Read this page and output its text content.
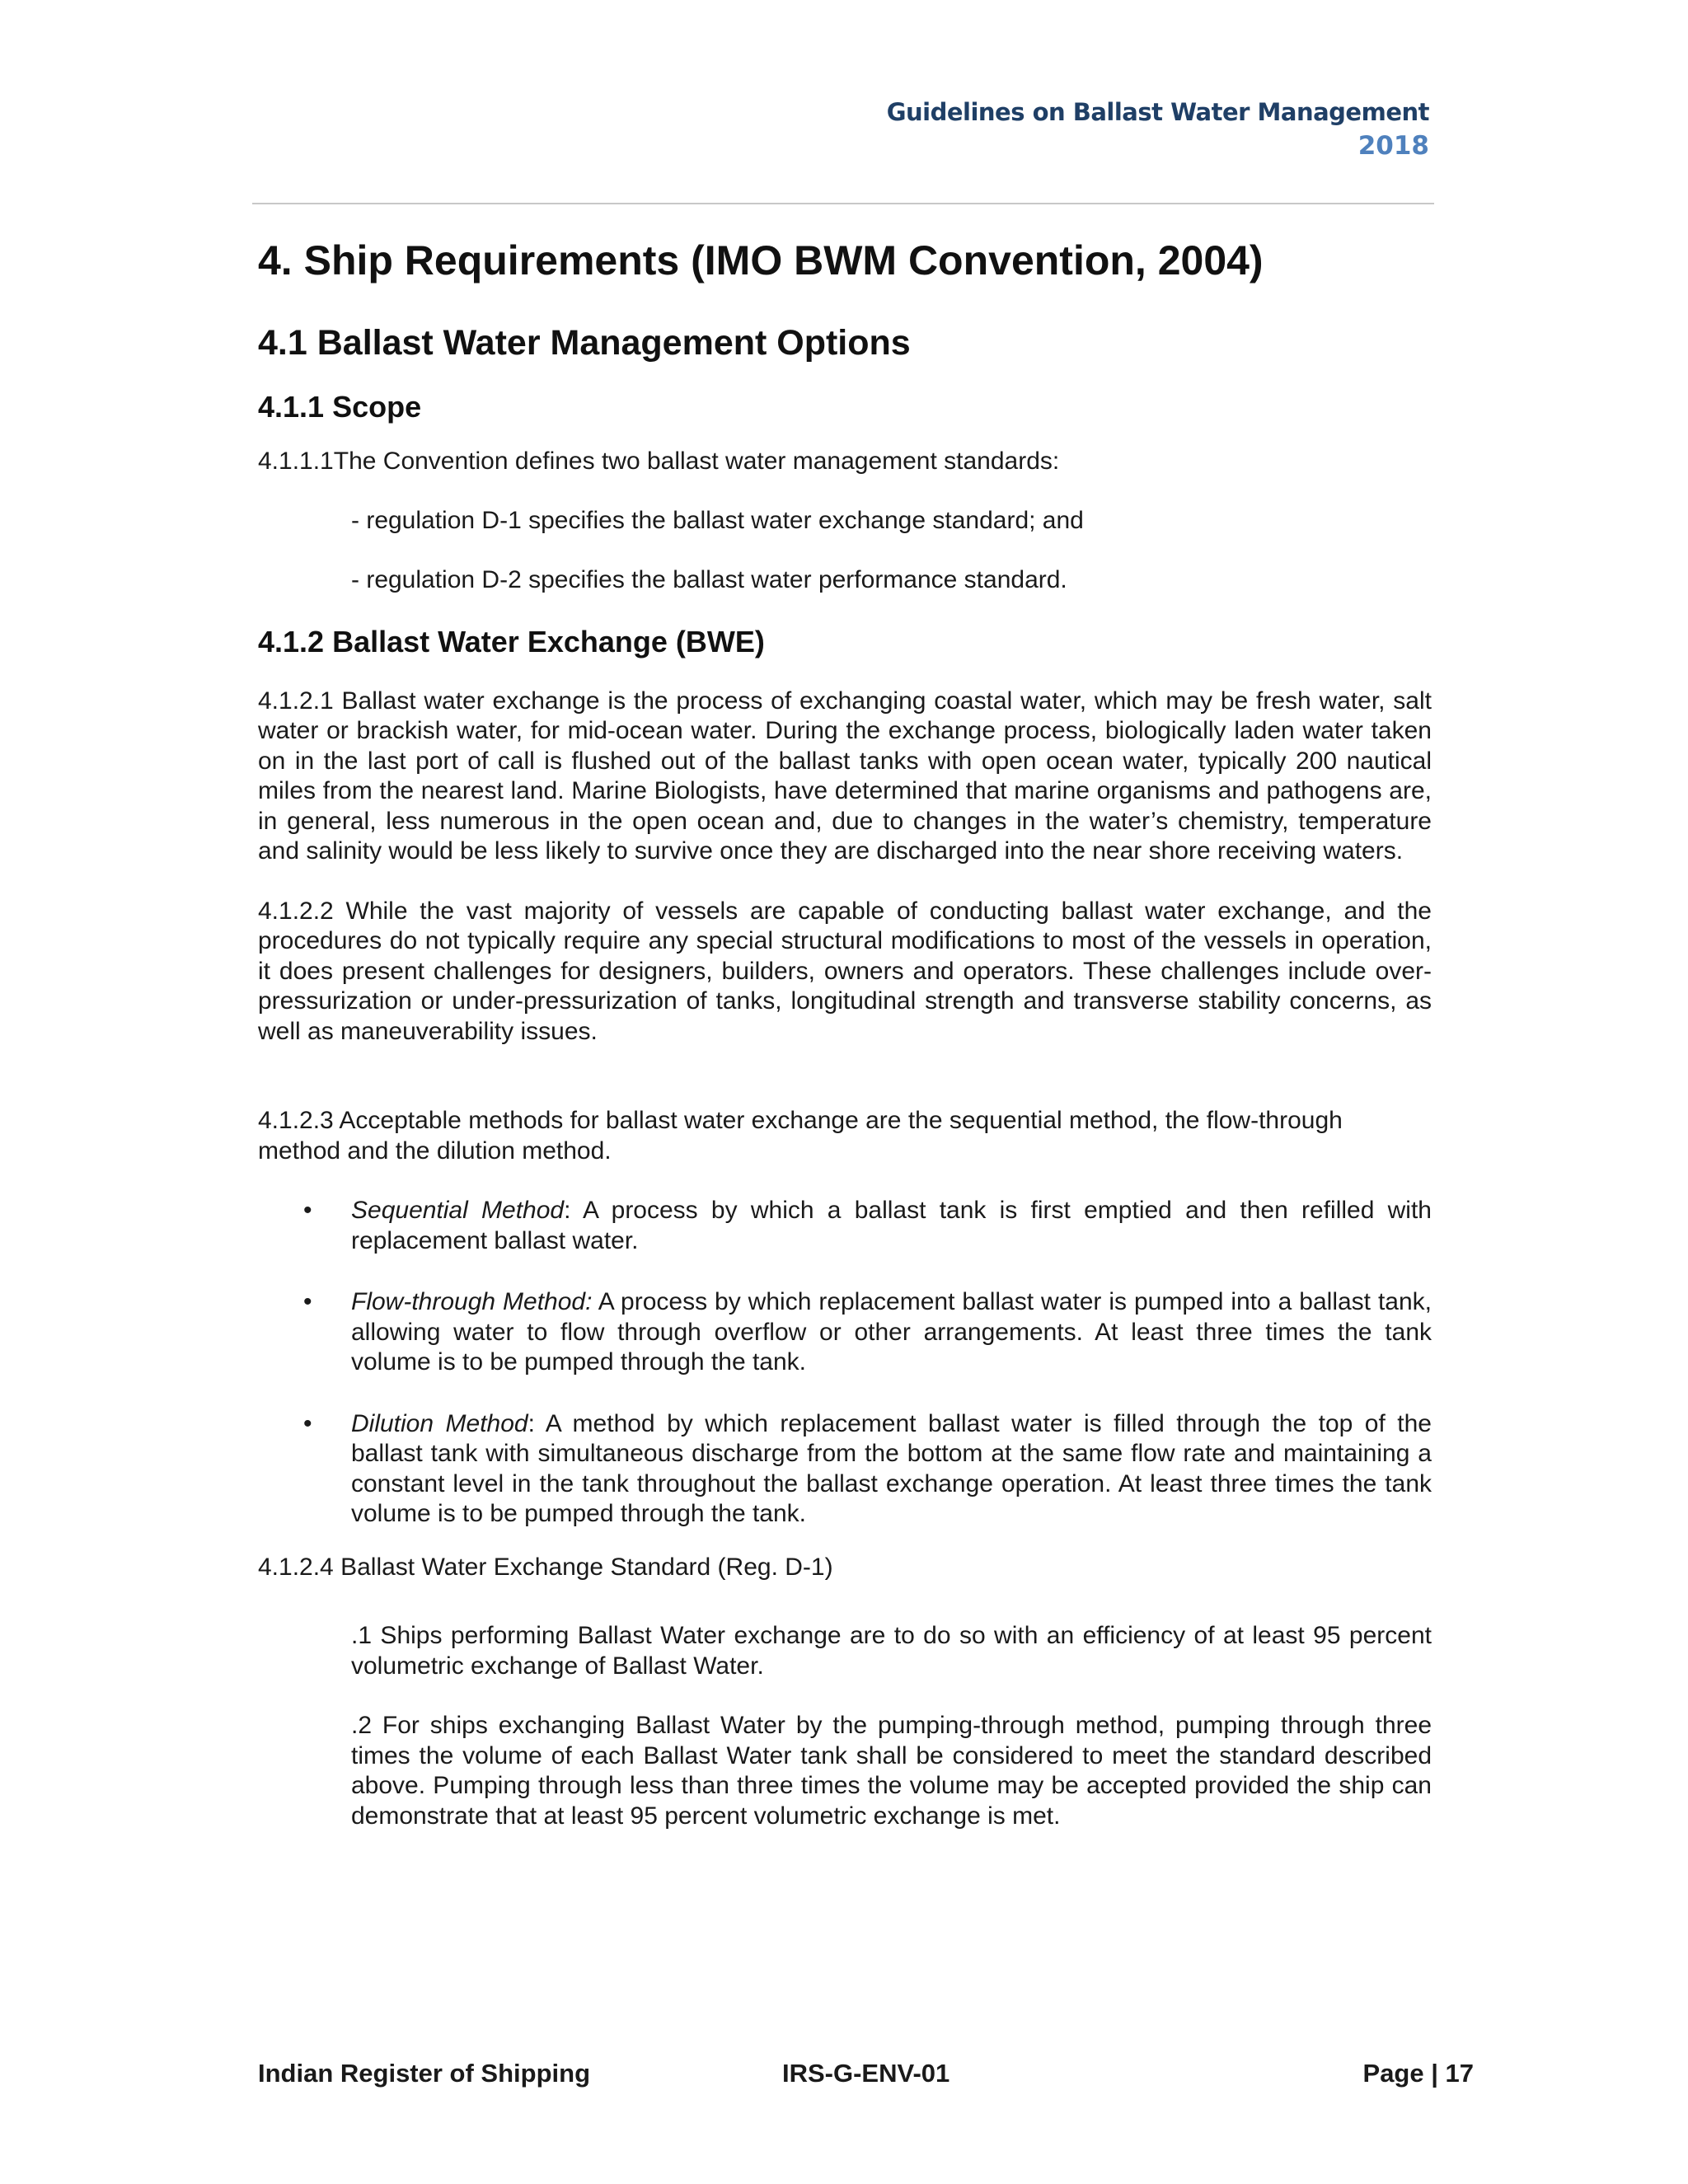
Guidelines on Ballast Water Management
2018
4. Ship Requirements (IMO BWM Convention, 2004)
4.1 Ballast Water Management Options
4.1.1 Scope

4.1.1.1The Convention defines two ballast water management standards:

- regulation D-1 specifies the ballast water exchange standard; and

- regulation D-2 specifies the ballast water performance standard.

4.1.2 Ballast Water Exchange (BWE)

4.1.2.1 Ballast water exchange is the process of exchanging coastal water, which may be fresh water, salt water or brackish water, for mid-ocean water. During the exchange process, biologically laden water taken on in the last port of call is flushed out of the ballast tanks with open ocean water, typically 200 nautical miles from the nearest land. Marine Biologists, have determined that marine organisms and pathogens are, in general, less numerous in the open ocean and, due to changes in the water’s chemistry, temperature and salinity would be less likely to survive once they are discharged into the near shore receiving waters.

4.1.2.2 While the vast majority of vessels are capable of conducting ballast water exchange, and the procedures do not typically require any special structural modifications to most of the vessels in operation, it does present challenges for designers, builders, owners and operators. These challenges include over-pressurization or under-pressurization of tanks, longitudinal strength and transverse stability concerns, as well as maneuverability issues.

4.1.2.3 Acceptable methods for ballast water exchange are the sequential method, the flow-through method and the dilution method.

• Sequential Method: A process by which a ballast tank is first emptied and then refilled with replacement ballast water.
• Flow-through Method: A process by which replacement ballast water is pumped into a ballast tank, allowing water to flow through overflow or other arrangements. At least three times the tank volume is to be pumped through the tank.
• Dilution Method: A method by which replacement ballast water is filled through the top of the ballast tank with simultaneous discharge from the bottom at the same flow rate and maintaining a constant level in the tank throughout the ballast exchange operation. At least three times the tank volume is to be pumped through the tank.

4.1.2.4 Ballast Water Exchange Standard (Reg. D-1)

.1 Ships performing Ballast Water exchange are to do so with an efficiency of at least 95 percent volumetric exchange of Ballast Water.

.2 For ships exchanging Ballast Water by the pumping-through method, pumping through three times the volume of each Ballast Water tank shall be considered to meet the standard described above. Pumping through less than three times the volume may be accepted provided the ship can demonstrate that at least 95 percent volumetric exchange is met.

Indian Register of Shipping	IRS-G-ENV-01	Page | 17
